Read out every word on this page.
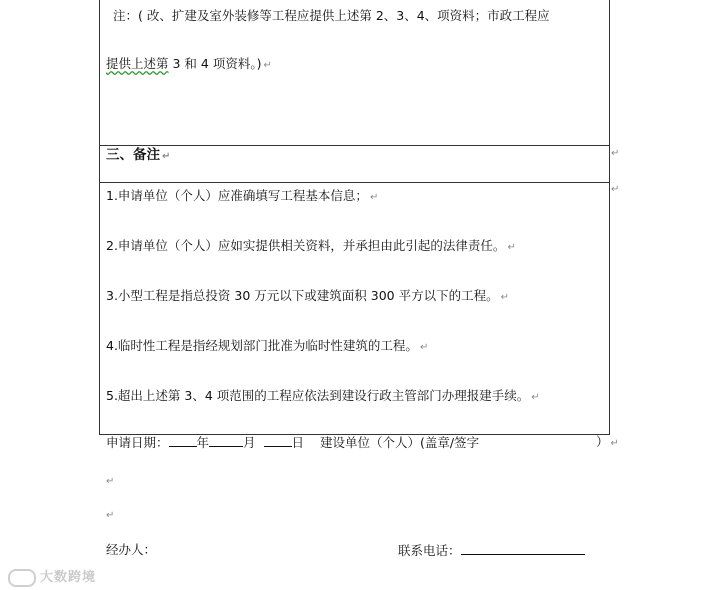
注：( 改、扩建及室外装修等工程应提供上述第 2、3、4、项资料；市政工程应
提供上述第 3 和 4 项资料。) ↵
三、备注 ↵	↵
↵
1.申请单位（个人）应准确填写工程基本信息； ↵
2.申请单位（个人）应如实提供相关资料，并承担由此引起的法律责任。 ↵
3.小型工程是指总投资 30 万元以下或建筑面积 300 平方以下的工程。 ↵
4.临时性工程是指经规划部门批准为临时性建筑的工程。 ↵
5.超出上述第 3、4 项范围的工程应依法到建设行政主管部门办理报建手续。 ↵
申请日期： 年	月	日 建设单位（个人）(盖章/签字	） ↵
↵
↵
经办人：	联系电话：
大数跨境
